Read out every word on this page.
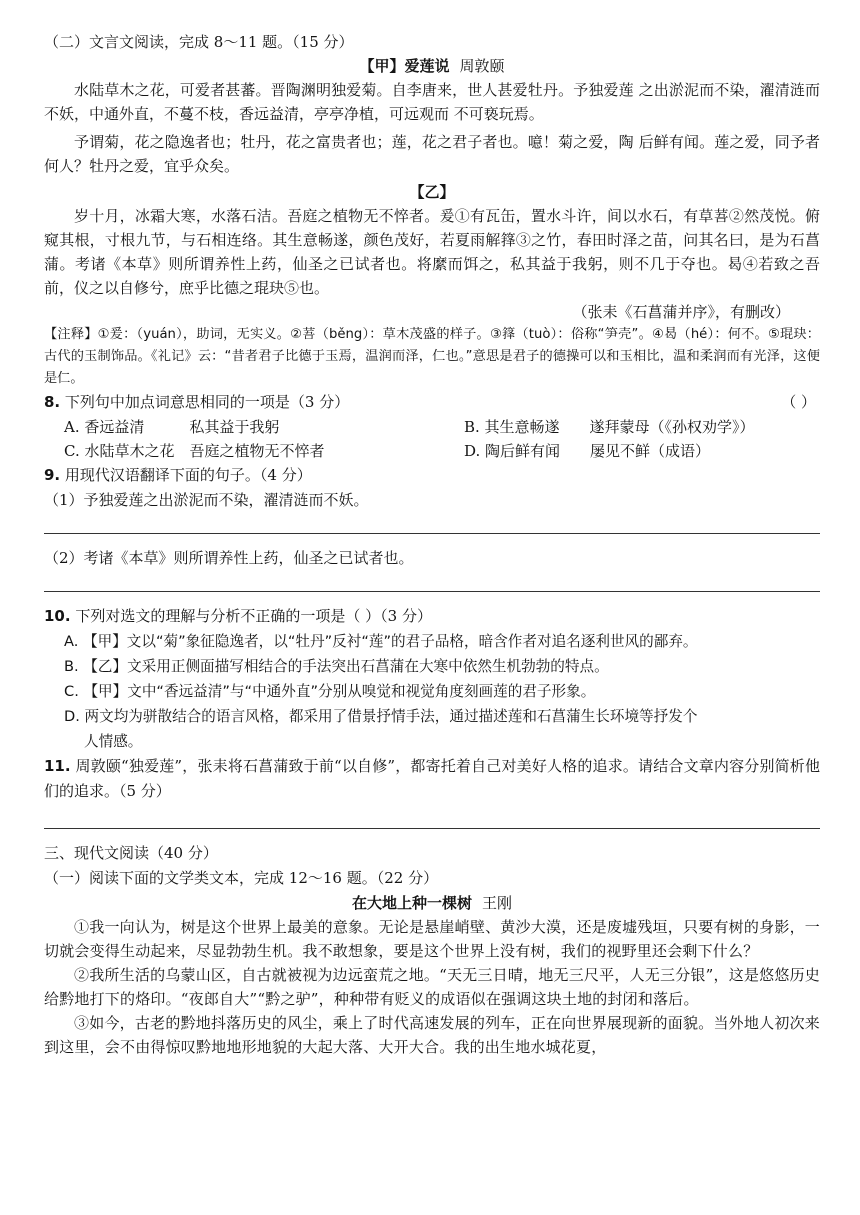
（二）文言文阅读，完成 8～11 题。（15 分）
【甲】爱莲说 周敦颐
水陆草木之花，可爱者甚蕃。晋陶渊明独爱菊。自李唐来，世人甚爱牡丹。予独爱莲 之出淤泥而不染，濯清涟而不妖，中通外直，不蔓不枝，香远益清，亭亭净植，可远观而 不可亵玩焉。
予谓菊，花之隐逸者也；牡丹，花之富贵者也；莲，花之君子者也。噫！菊之爱，陶 后鲜有闻。莲之爱，同予者何人？牡丹之爱，宜乎众矣。
【乙】
岁十月，冰霜大寒，水落石洁。吾庭之植物无不悴者。爰①有瓦缶，置水斗许，间以水石，有草䓊②然茂悦。俯窥其根，寸根九节，与石相连络。其生意畅遂，颜色茂好，若夏雨解箨③之竹，春田时泽之苗，问其名曰，是为石菖蒲。考诸《本草》则所谓养性上药，仙圣之已试者也。将縻而饵之，私其益于我躬，则不几于夺也。曷④若致之吾前，仪之以自修兮，庶乎比德之琨玦⑤也。
（张耒《石菖蒲并序》，有删改）
【注释】①爰：（yuán），助词，无实义。②䓊（běng）：草木茂盛的样子。③箨（tuò）：俗称“笋壳”。④曷（hé）：何不。⑤琨玦：古代的玉制饰品。《礼记》云：“昔者君子比德于玉焉，温润而泽，仁也。”意思是君子的德操可以和玉相比，温和柔润而有光泽，这便是仁。
8. 下列句中加点词意思相同的一项是（3 分）	（ ）
A. 香远益清　　　私其益于我躬	B. 其生意畅遂　　遂拜蒙母（《孙权劝学》）
C. 水陆草木之花　吾庭之植物无不悴者	D. 陶后鲜有闻　　屡见不鲜（成语）
9. 用现代汉语翻译下面的句子。（4 分）
（1）予独爱莲之出淤泥而不染，濯清涟而不妖。
（2）考诸《本草》则所谓养性上药，仙圣之已试者也。
10. 下列对选文的理解与分析不正确的一项是（ ）（3 分）
A. 【甲】文以“菊”象征隐逸者，以“牡丹”反衬“莲”的君子品格，暗含作者对追名逐利世风的鄙弃。
B. 【乙】文采用正侧面描写相结合的手法突出石菖蒲在大寒中依然生机勃勃的特点。
C. 【甲】文中“香远益清”与“中通外直”分别从嗅觉和视觉角度刻画莲的君子形象。
D. 两文均为骈散结合的语言风格，都采用了借景抒情手法，通过描述莲和石菖蒲生长环境等抒发个
人情感。
11. 周敦颐“独爱莲”，张耒将石菖蒲致于前“以自修”，都寄托着自己对美好人格的追求。请结合文章内容分别简析他们的追求。（5 分）
三、现代文阅读（40 分）
（一）阅读下面的文学类文本，完成 12～16 题。（22 分）
在大地上种一棵树 王刚
①我一向认为，树是这个世界上最美的意象。无论是悬崖峭壁、黄沙大漠，还是废墟残垣，只要有树的身影，一切就会变得生动起来，尽显勃勃生机。我不敢想象，要是这个世界上没有树，我们的视野里还会剩下什么？
②我所生活的乌蒙山区，自古就被视为边远蛮荒之地。“天无三日晴，地无三尺平，人无三分银”，这是悠悠历史给黔地打下的烙印。“夜郎自大”“黔之驴”，种种带有贬义的成语似在强调这块土地的封闭和落后。
③如今，古老的黔地抖落历史的风尘，乘上了时代高速发展的列车，正在向世界展现新的面貌。当外地人初次来到这里，会不由得惊叹黔地地形地貌的大起大落、大开大合。我的出生地水城花夏，
